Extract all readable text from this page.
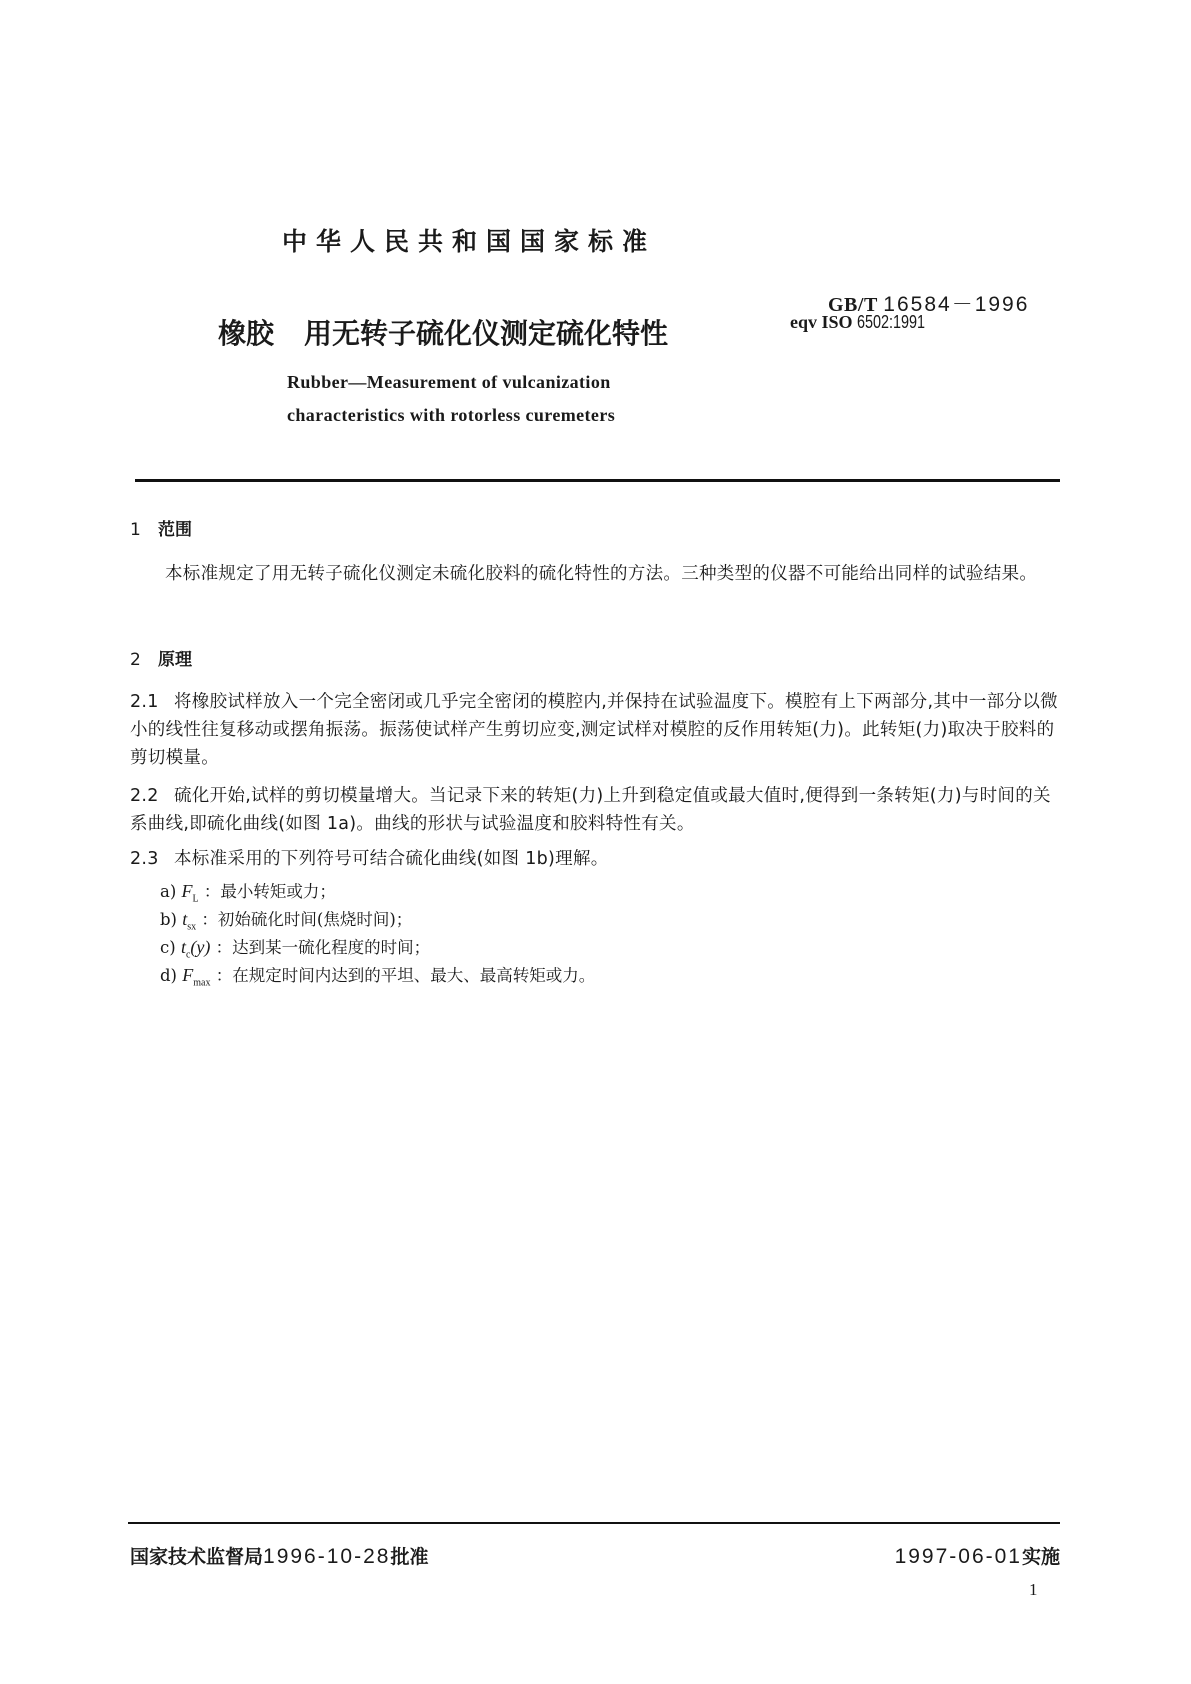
中华人民共和国国家标准
GB/T 16584－1996
eqv ISO 6502:1991
橡胶 用无转子硫化仪测定硫化特性
Rubber—Measurement of vulcanization
characteristics with rotorless curemeters
1 范围
本标准规定了用无转子硫化仪测定未硫化胶料的硫化特性的方法。三种类型的仪器不可能给出同样的试验结果。
2 原理
2.1 将橡胶试样放入一个完全密闭或几乎完全密闭的模腔内,并保持在试验温度下。模腔有上下两部分,其中一部分以微小的线性往复移动或摆角振荡。振荡使试样产生剪切应变,测定试样对模腔的反作用转矩(力)。此转矩(力)取决于胶料的剪切模量。
2.2 硫化开始,试样的剪切模量增大。当记录下来的转矩(力)上升到稳定值或最大值时,便得到一条转矩(力)与时间的关系曲线,即硫化曲线(如图 1a)。曲线的形状与试验温度和胶料特性有关。
2.3 本标准采用的下列符号可结合硫化曲线(如图 1b)理解。
a) $F_L$ ：最小转矩或力；
b) $t_{sx}$ ：初始硫化时间(焦烧时间)；
c) $t_c(y)$ ：达到某一硫化程度的时间；
d) $F_{max}$ ：在规定时间内达到的平坦、最大、最高转矩或力。
国家技术监督局1996-10-28批准	1997-06-01实施
1
